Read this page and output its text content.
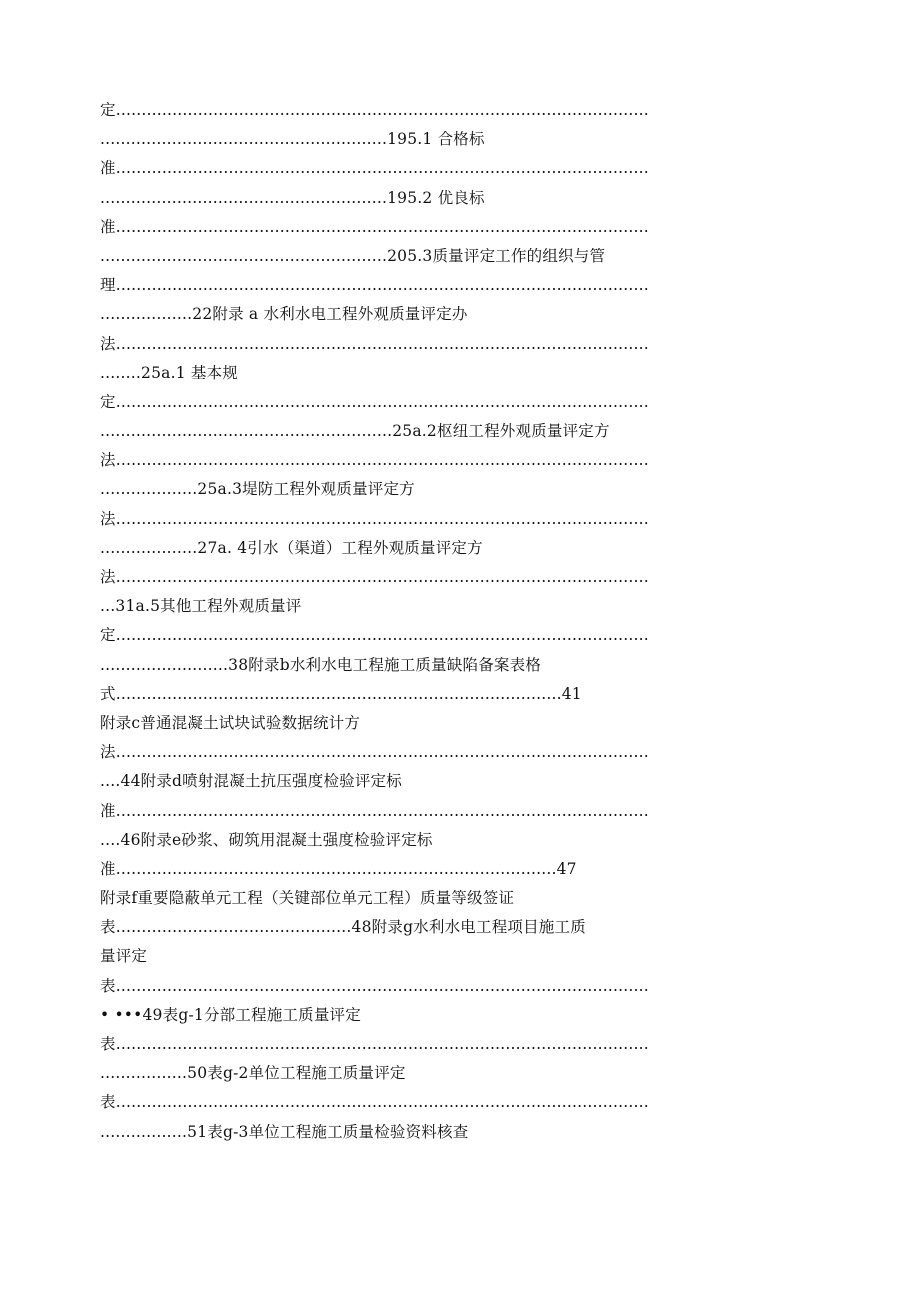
定........................................................................................................
........................................................195.1 合格标
准........................................................................................................
........................................................195.2 优良标
准........................................................................................................
........................................................205.3质量评定工作的组织与管
理........................................................................................................
..................22附录 a 水利水电工程外观质量评定办
法........................................................................................................
........25a.1 基本规
定........................................................................................................
.........................................................25a.2枢纽工程外观质量评定方
法........................................................................................................
...................25a.3堤防工程外观质量评定方
法........................................................................................................
...................27a. 4引水（渠道）工程外观质量评定方
法........................................................................................................
...31a.5其他工程外观质量评
定........................................................................................................
.........................38附录b水利水电工程施工质量缺陷备案表格
式.......................................................................................41
附录c普通混凝土试块试验数据统计方
法........................................................................................................
....44附录d喷射混凝土抗压强度检验评定标
准........................................................................................................
....46附录e砂浆、砌筑用混凝土强度检验评定标
准......................................................................................47
附录f重要隐蔽单元工程（关键部位单元工程）质量等级签证
表..............................................48附录g水利水电工程项目施工质
量评定
表........................................................................................................
• •••49表g-1分部工程施工质量评定
表........................................................................................................
.................50表g-2单位工程施工质量评定
表........................................................................................................
.................51表g-3单位工程施工质量检验资料核查
